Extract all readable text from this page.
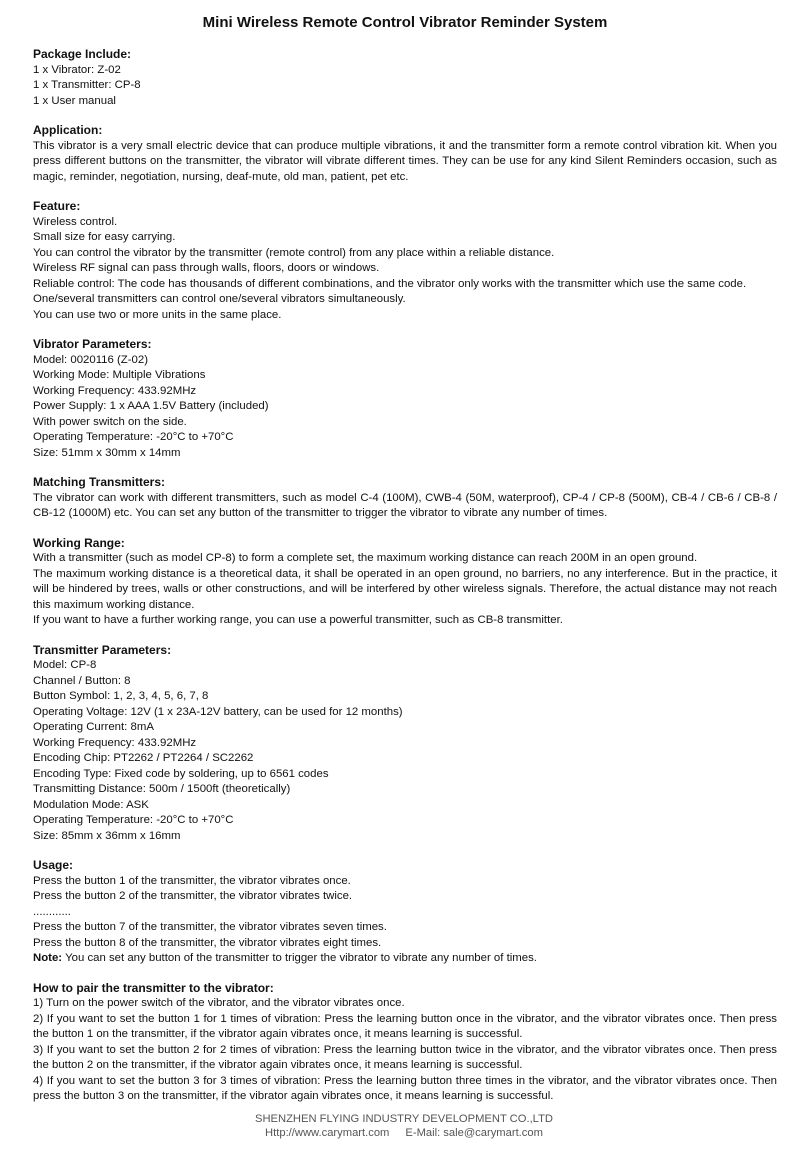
Mini Wireless Remote Control Vibrator Reminder System
Package Include:

1 x Vibrator: Z-02

1 x Transmitter: CP-8

1 x User manual

Application:

This vibrator is a very small electric device that can produce multiple vibrations, it and the transmitter form a remote control vibration kit. When you press different buttons on the transmitter, the vibrator will vibrate different times. They can be use for any kind Silent Reminders occasion, such as magic, reminder, negotiation, nursing, deaf-mute, old man, patient, pet etc.

Feature:

Wireless control.

Small size for easy carrying.

You can control the vibrator by the transmitter (remote control) from any place within a reliable distance.

Wireless RF signal can pass through walls, floors, doors or windows.

Reliable control: The code has thousands of different combinations, and the vibrator only works with the transmitter which use the same code.

One/several transmitters can control one/several vibrators simultaneously.

You can use two or more units in the same place.

Vibrator Parameters:

Model: 0020116 (Z-02)

Working Mode: Multiple Vibrations

Working Frequency: 433.92MHz

Power Supply: 1 x AAA 1.5V Battery (included)

With power switch on the side.

Operating Temperature: -20°C to +70°C

Size: 51mm x 30mm x 14mm

Matching Transmitters:

The vibrator can work with different transmitters, such as model C-4 (100M), CWB-4 (50M, waterproof), CP-4 / CP-8 (500M), CB-4 / CB-6 / CB-8 / CB-12 (1000M) etc. You can set any button of the transmitter to trigger the vibrator to vibrate any number of times.

Working Range:

With a transmitter (such as model CP-8) to form a complete set, the maximum working distance can reach 200M in an open ground.

The maximum working distance is a theoretical data, it shall be operated in an open ground, no barriers, no any interference. But in the practice, it will be hindered by trees, walls or other constructions, and will be interfered by other wireless signals. Therefore, the actual distance may not reach this maximum working distance.

If you want to have a further working range, you can use a powerful transmitter, such as CB-8 transmitter.

Transmitter Parameters:

Model: CP-8

Channel / Button: 8

Button Symbol: 1, 2, 3, 4, 5, 6, 7, 8

Operating Voltage: 12V (1 x 23A-12V battery, can be used for 12 months)

Operating Current: 8mA

Working Frequency: 433.92MHz

Encoding Chip: PT2262 / PT2264 / SC2262

Encoding Type: Fixed code by soldering, up to 6561 codes

Transmitting Distance: 500m / 1500ft (theoretically)

Modulation Mode: ASK

Operating Temperature: -20°C to +70°C

Size: 85mm x 36mm x 16mm

Usage:

Press the button 1 of the transmitter, the vibrator vibrates once.

Press the button 2 of the transmitter, the vibrator vibrates twice.

............

Press the button 7 of the transmitter, the vibrator vibrates seven times.

Press the button 8 of the transmitter, the vibrator vibrates eight times.

Note: You can set any button of the transmitter to trigger the vibrator to vibrate any number of times.

How to pair the transmitter to the vibrator:

1) Turn on the power switch of the vibrator, and the vibrator vibrates once.

2) If you want to set the button 1 for 1 times of vibration: Press the learning button once in the vibrator, and the vibrator vibrates once. Then press the button 1 on the transmitter, if the vibrator again vibrates once, it means learning is successful.

3) If you want to set the button 2 for 2 times of vibration: Press the learning button twice in the vibrator, and the vibrator vibrates once. Then press the button 2 on the transmitter, if the vibrator again vibrates once, it means learning is successful.

4) If you want to set the button 3 for 3 times of vibration: Press the learning button three times in the vibrator, and the vibrator vibrates once. Then press the button 3 on the transmitter, if the vibrator again vibrates once, it means learning is successful.

SHENZHEN FLYING INDUSTRY DEVELOPMENT CO.,LTD
Http://www.carymart.com E-Mail: sale@carymart.com
